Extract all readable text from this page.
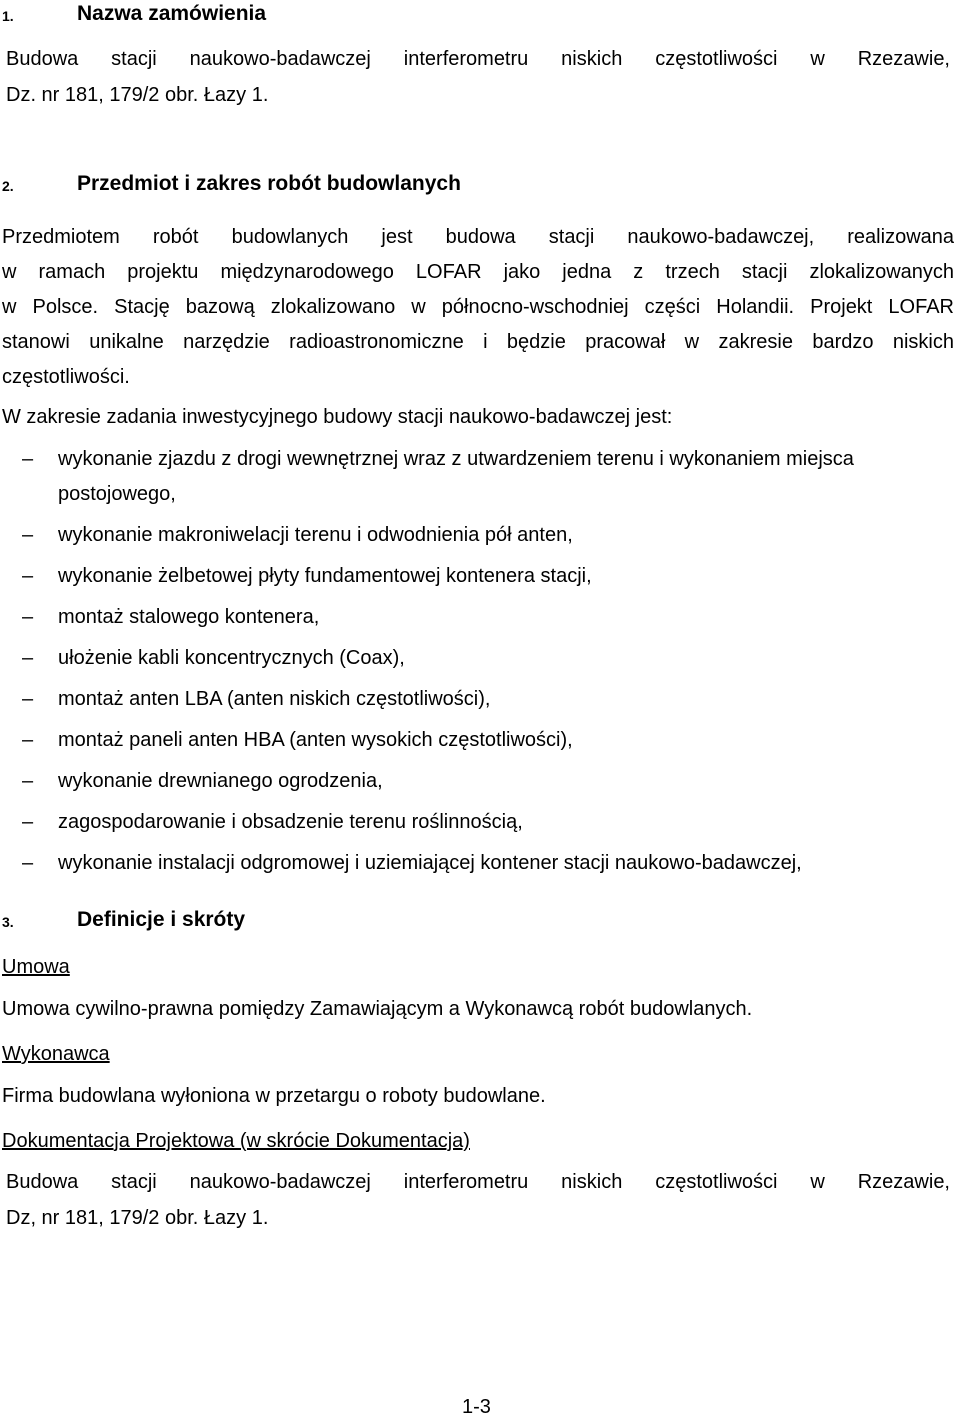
1.	Nazwa zamówienia
Budowa stacji naukowo-badawczej interferometru niskich częstotliwości w Rzezawie,
Dz. nr 181, 179/2 obr. Łazy 1.
2.	Przedmiot i zakres robót budowlanych
Przedmiotem robót budowlanych jest budowa stacji naukowo-badawczej, realizowana
w ramach projektu międzynarodowego LOFAR jako jedna z trzech stacji zlokalizowanych
w Polsce. Stację bazową zlokalizowano w północno-wschodniej części Holandii. Projekt LOFAR
stanowi unikalne narzędzie radioastronomiczne i będzie pracował w zakresie bardzo niskich
częstotliwości.
W zakresie zadania inwestycyjnego budowy stacji naukowo-badawczej jest:
– wykonanie zjazdu z drogi wewnętrznej wraz z utwardzeniem terenu i wykonaniem miejsca
postojowego,
– wykonanie makroniwelacji terenu i odwodnienia pół anten,
– wykonanie żelbetowej płyty fundamentowej kontenera stacji,
– montaż stalowego kontenera,
– ułożenie kabli koncentrycznych (Coax),
– montaż anten LBA (anten niskich częstotliwości),
– montaż paneli anten HBA (anten wysokich częstotliwości),
– wykonanie drewnianego ogrodzenia,
– zagospodarowanie i obsadzenie terenu roślinnością,
– wykonanie instalacji odgromowej i uziemiającej kontener stacji naukowo-badawczej,
3.	Definicje i skróty
Umowa
Umowa cywilno-prawna pomiędzy Zamawiającym a Wykonawcą robót budowlanych.
Wykonawca
Firma budowlana wyłoniona w przetargu o roboty budowlane.
Dokumentacja Projektowa (w skrócie Dokumentacja)
Budowa stacji naukowo-badawczej interferometru niskich częstotliwości w Rzezawie,
Dz, nr 181, 179/2 obr. Łazy 1.
1-3
